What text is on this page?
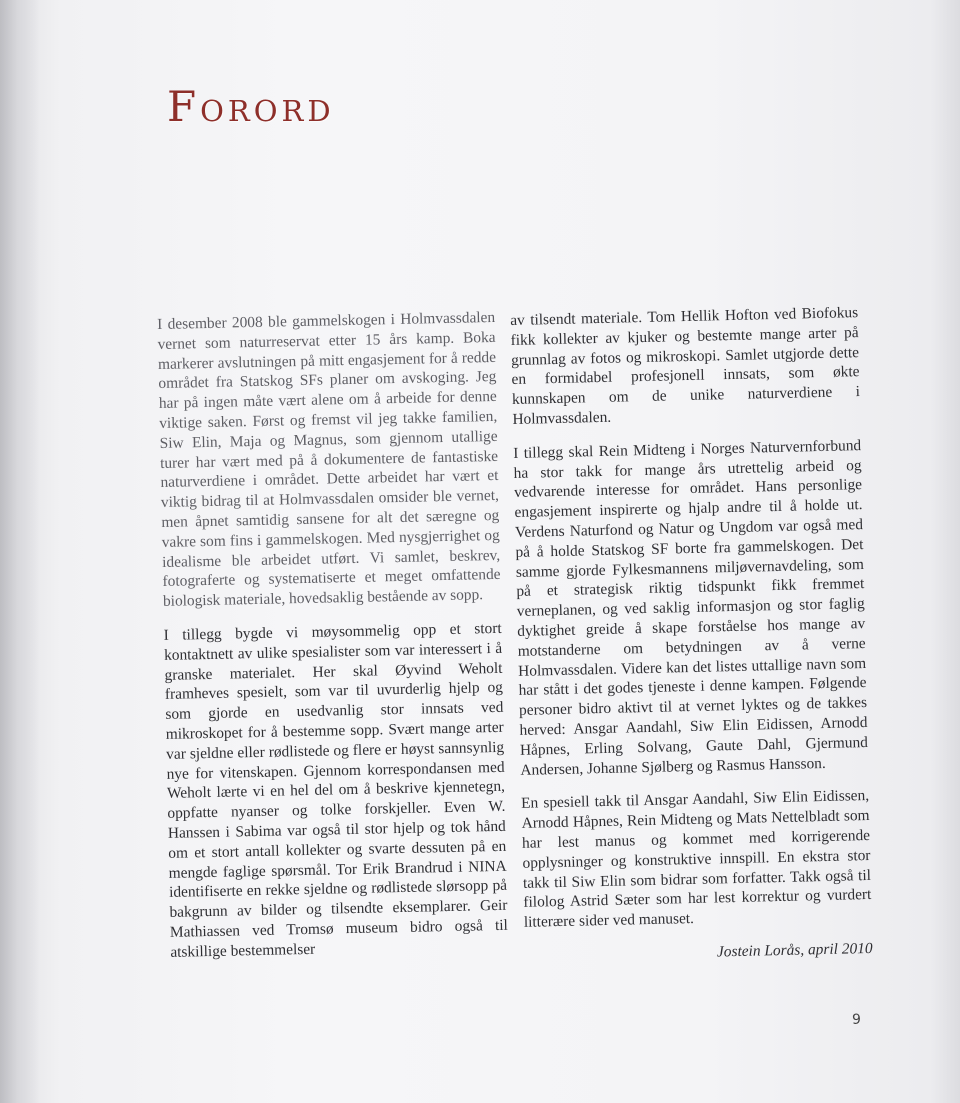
Forord

I desember 2008 ble gammelskogen i Holmvassdalen vernet som naturreservat etter 15 års kamp. Boka markerer avslutningen på mitt engasjement for å redde området fra Statskog SFs planer om avskoging. Jeg har på ingen måte vært alene om å arbeide for denne viktige saken. Først og fremst vil jeg takke familien, Siw Elin, Maja og Magnus, som gjennom utallige turer har vært med på å dokumentere de fantastiske naturverdiene i området. Dette arbeidet har vært et viktig bidrag til at Holmvassdalen omsider ble vernet, men åpnet samtidig sansene for alt det særegne og vakre som fins i gammelskogen. Med nysgjerrighet og idealisme ble arbeidet utført. Vi samlet, beskrev, fotograferte og systematiserte et meget omfattende biologisk materiale, hovedsaklig bestående av sopp.

I tillegg bygde vi møysommelig opp et stort kontaktnett av ulike spesialister som var interessert i å granske materialet. Her skal Øyvind Weholt framheves spesielt, som var til uvurderlig hjelp og som gjorde en usedvanlig stor innsats ved mikroskopet for å bestemme sopp. Svært mange arter var sjeldne eller rødlistede og flere er høyst sannsynlig nye for vitenskapen. Gjennom korrespondansen med Weholt lærte vi en hel del om å beskrive kjennetegn, oppfatte nyanser og tolke forskjeller. Even W. Hanssen i Sabima var også til stor hjelp og tok hånd om et stort antall kollekter og svarte dessuten på en mengde faglige spørsmål. Tor Erik Brandrud i NINA identifiserte en rekke sjeldne og rødlistede slørsopp på bakgrunn av bilder og tilsendte eksemplarer. Geir Mathiassen ved Tromsø museum bidro også til atskillige bestemmelser

av tilsendt materiale. Tom Hellik Hofton ved Biofokus fikk kollekter av kjuker og bestemte mange arter på grunnlag av fotos og mikroskopi. Samlet utgjorde dette en formidabel profesjonell innsats, som økte kunnskapen om de unike naturverdiene i Holmvassdalen.

I tillegg skal Rein Midteng i Norges Naturvernforbund ha stor takk for mange års utrettelig arbeid og vedvarende interesse for området. Hans personlige engasjement inspirerte og hjalp andre til å holde ut. Verdens Naturfond og Natur og Ungdom var også med på å holde Statskog SF borte fra gammelskogen. Det samme gjorde Fylkesmannens miljøvernavdeling, som på et strategisk riktig tidspunkt fikk fremmet verneplanen, og ved saklig informasjon og stor faglig dyktighet greide å skape forståelse hos mange av motstanderne om betydningen av å verne Holmvassdalen. Videre kan det listes uttallige navn som har stått i det godes tjeneste i denne kampen. Følgende personer bidro aktivt til at vernet lyktes og de takkes herved: Ansgar Aandahl, Siw Elin Eidissen, Arnodd Håpnes, Erling Solvang, Gaute Dahl, Gjermund Andersen, Johanne Sjølberg og Rasmus Hansson.

En spesiell takk til Ansgar Aandahl, Siw Elin Eidissen, Arnodd Håpnes, Rein Midteng og Mats Nettelbladt som har lest manus og kommet med korrigerende opplysninger og konstruktive innspill. En ekstra stor takk til Siw Elin som bidrar som forfatter. Takk også til filolog Astrid Sæter som har lest korrektur og vurdert litterære sider ved manuset.

Jostein Lorås, april 2010
9
